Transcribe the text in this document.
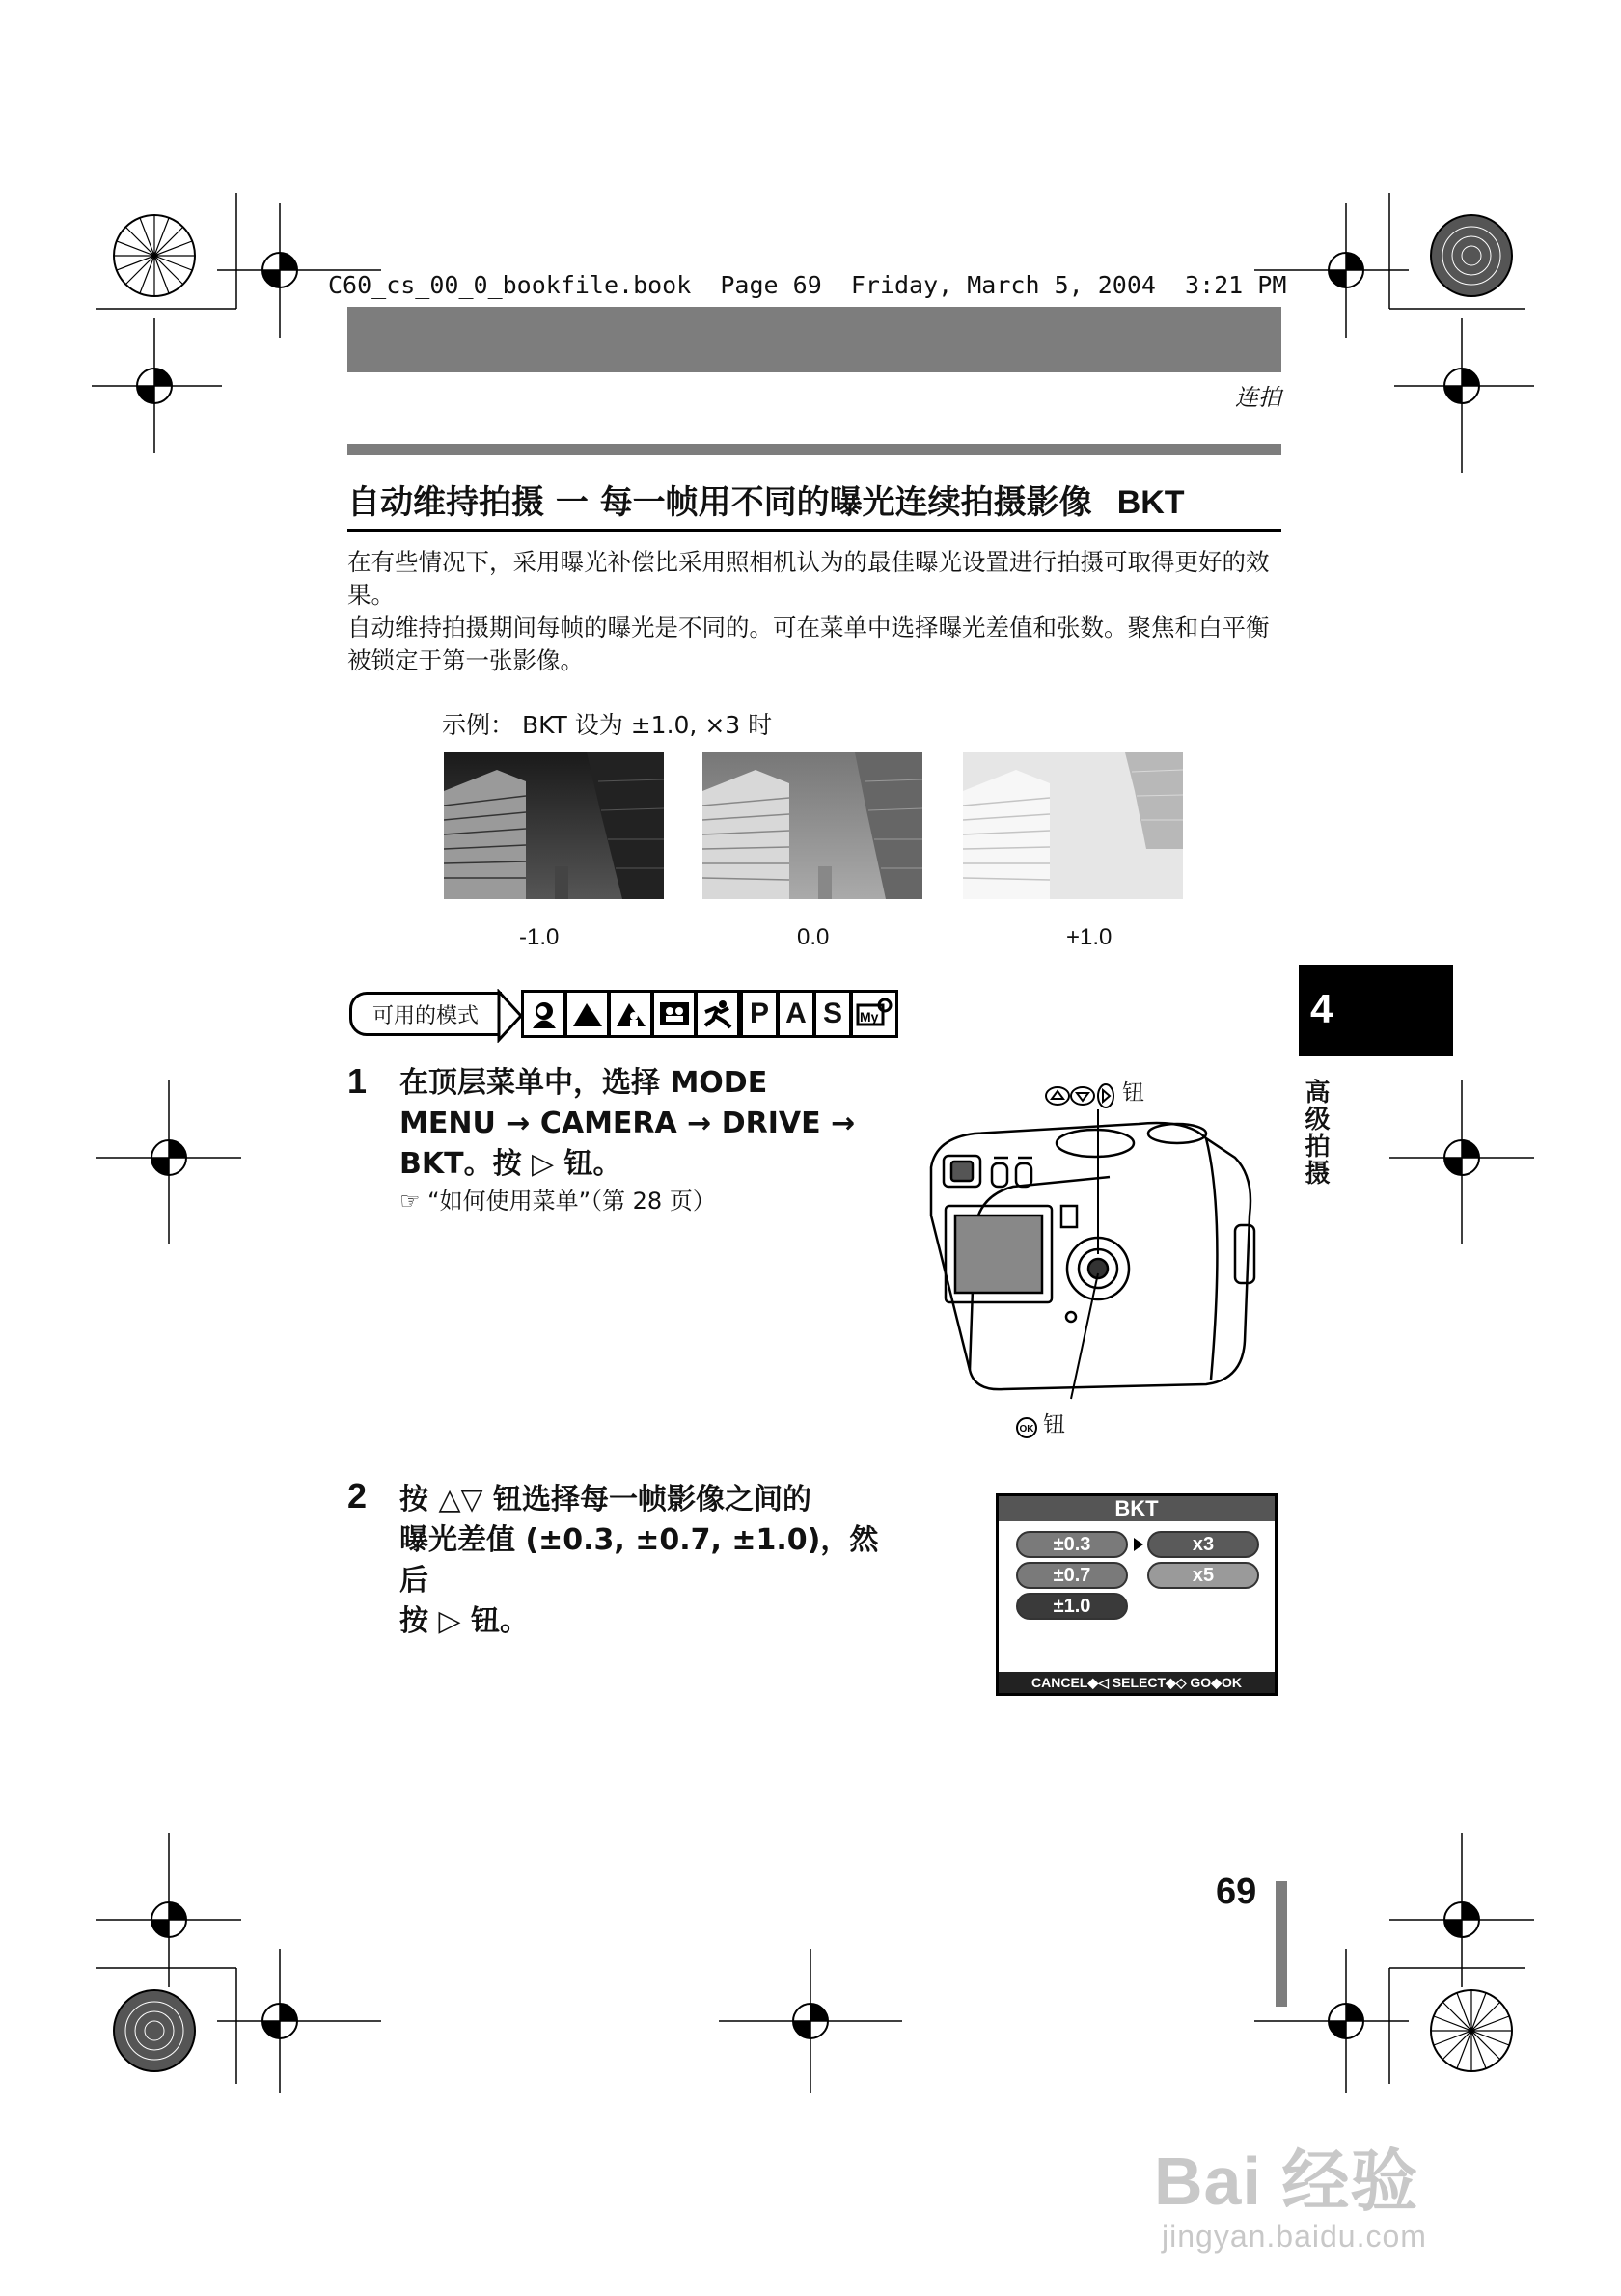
C60_cs_00_0_bookfile.book  Page 69  Friday, March 5, 2004  3:21 PM
连拍
自动维持拍摄 一 每一帧用不同的曝光连续拍摄影像 BKT

在有些情况下，采用曝光补偿比采用照相机认为的最佳曝光设置进行拍摄可取得更好的效果。

自动维持拍摄期间每帧的曝光是不同的。可在菜单中选择曝光差值和张数。聚焦和白平衡被锁定于第一张影像。

示例： BKT 设为 ±1.0, ×3 时
-1.0	0.0	+1.0
可用的模式	P A S	My	4
高级拍摄
1 在顶层菜单中，选择 MODE
MENU → CAMERA → DRIVE →
BKT。按 ▷ 钮。
☞ “如何使用菜单”（第 28 页）
钮
OK 钮
2 按 △▽ 钮选择每一帧影像之间的
曝光差值 (±0.3, ±0.7, ±1.0)，然后
按 ▷ 钮。
BKT
±0.3
±0.7
±1.0
x3
x5
CANCEL◆◁ SELECT◆◇ GO◆OK
69
Bai 经验
jingyan.baidu.com
